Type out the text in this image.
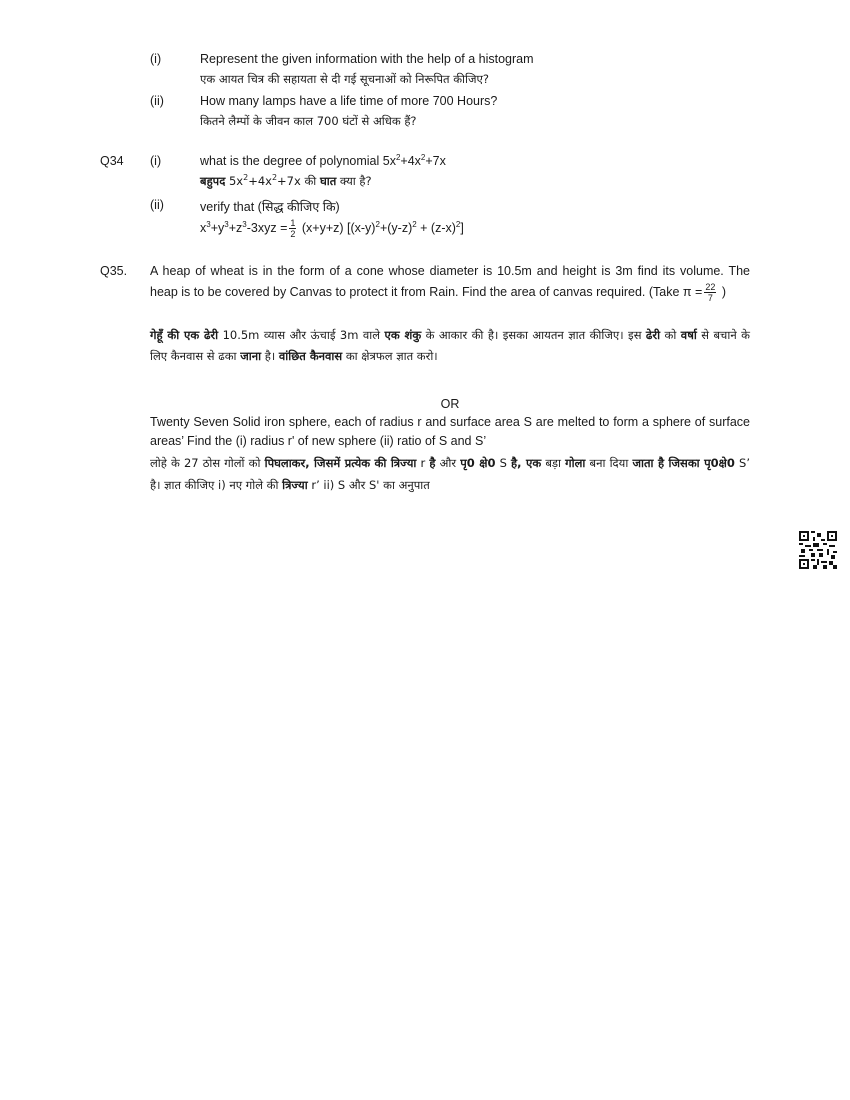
(i)	Represent the given information with the help of a histogram
एक आयत चित्र की सहायता से दी गई सूचनाओं को निरूपित कीजिए?
(ii)	How many lamps have a life time of more 700 Hours?
कितने लैम्पों के जीवन काल 700 घंटों से अधिक हैं?
Q34 (i)	what is the degree of polynomial $5x^2+4x^2+7x$
बहुपद $5x^2+4x^2+7x$ की घात क्या है?
(ii)	verify that (सिद्ध कीजिए कि)
$x^3+y^3+z^3-3xyz = \frac{1}{2} (x+y+z) [(x-y)^2+(y-z)^2 + (z-x)^2]$
Q35. A heap of wheat is in the form of a cone whose diameter is 10.5m and height is 3m find its volume. The heap is to be covered by Canvas to protect it from Rain. Find the area of canvas required. (Take $\pi = \frac{22}{7}$ )
गेहूँ की एक ढेरी 10.5m व्यास और ऊंचाई 3m वाले एक शंकु के आकार की है। इसका आयतन ज्ञात कीजिए। इस ढेरी को वर्षा से बचाने के लिए कैनवास से ढका जाना है। वांछित कैनवास का क्षेत्रफल ज्ञात करो।
OR
Twenty Seven Solid iron sphere, each of radius r and surface area S are melted to form a sphere of surface areas’ Find the (i) radius r' of new sphere (ii) ratio of S and S’
लोहे के 27 ठोस गोलों को पिघलाकर, जिसमें प्रत्येक की त्रिज्या r है और पृ0 क्षे0 S है, एक बड़ा गोला बना दिया जाता है जिसका पृ0क्षे0 S’ है। ज्ञात कीजिए i) नए गोले की त्रिज्या r’ ii) S और S' का अनुपात
